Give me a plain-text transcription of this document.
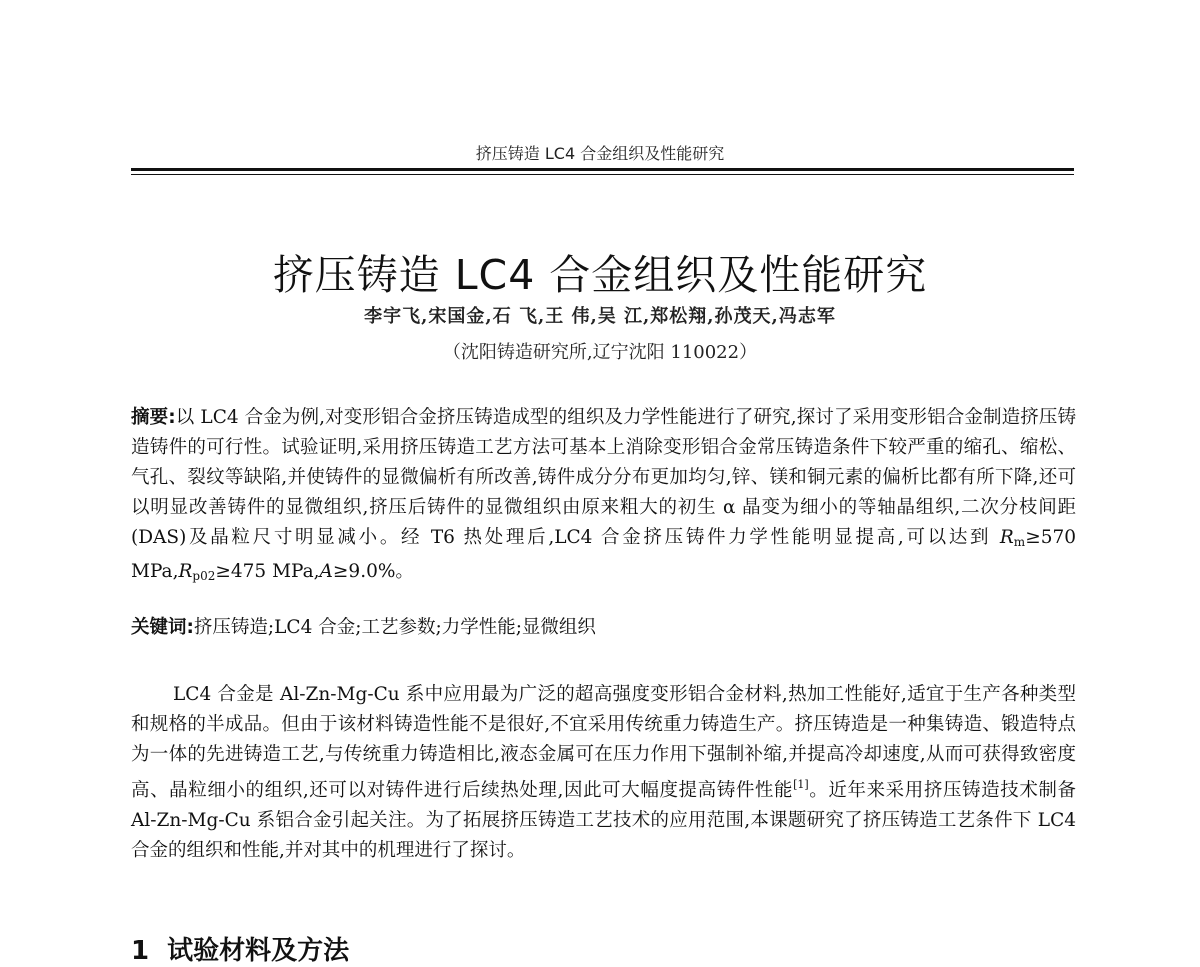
挤压铸造 LC4 合金组织及性能研究
挤压铸造 LC4 合金组织及性能研究
李宇飞,宋国金,石 飞,王 伟,吴 江,郑松翔,孙茂天,冯志军
（沈阳铸造研究所,辽宁沈阳 110022）
摘要:以 LC4 合金为例,对变形铝合金挤压铸造成型的组织及力学性能进行了研究,探讨了采用变形铝合金制造挤压铸造铸件的可行性。试验证明,采用挤压铸造工艺方法可基本上消除变形铝合金常压铸造条件下较严重的缩孔、缩松、气孔、裂纹等缺陷,并使铸件的显微偏析有所改善,铸件成分分布更加均匀,锌、镁和铜元素的偏析比都有所下降,还可以明显改善铸件的显微组织,挤压后铸件的显微组织由原来粗大的初生 α 晶变为细小的等轴晶组织,二次分枝间距(DAS)及晶粒尺寸明显减小。经 T6 热处理后,LC4 合金挤压铸件力学性能明显提高,可以达到 $R_m\ge 570$ $MPa,R_{p02}\ge 475$ MPa,A≥9.0%。
关键词:挤压铸造;LC4 合金;工艺参数;力学性能;显微组织
LC4 合金是 Al-Zn-Mg-Cu 系中应用最为广泛的超高强度变形铝合金材料,热加工性能好,适宜于生产各种类型和规格的半成品。但由于该材料铸造性能不是很好,不宜采用传统重力铸造生产。挤压铸造是一种集铸造、锻造特点为一体的先进铸造工艺,与传统重力铸造相比,液态金属可在压力作用下强制补缩,并提高冷却速度,从而可获得致密度高、晶粒细小的组织,还可以对铸件进行后续热处理,因此可大幅度提高铸件性能[1]。近年来采用挤压铸造技术制备 Al-Zn-Mg-Cu 系铝合金引起关注。为了拓展挤压铸造工艺技术的应用范围,本课题研究了挤压铸造工艺条件下 LC4 合金的组织和性能,并对其中的机理进行了探讨。
1 试验材料及方法
